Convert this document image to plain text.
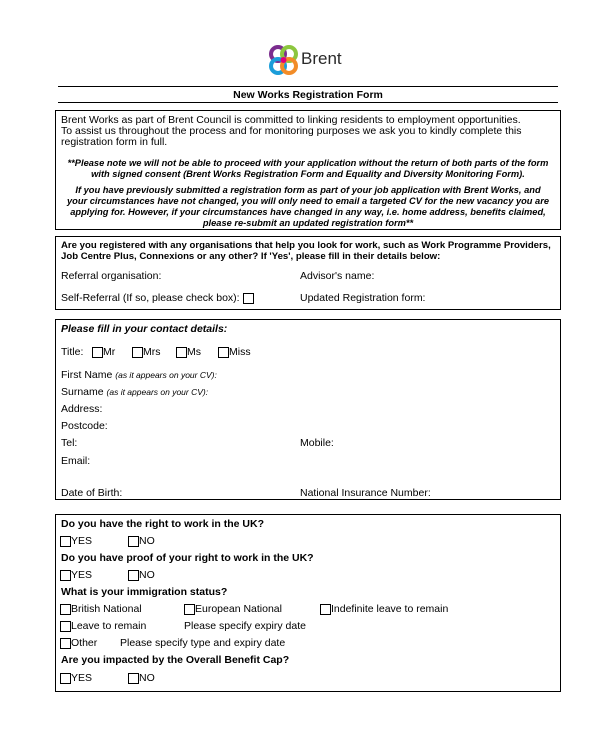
Brent
New Works Registration Form
Brent Works as part of Brent Council is committed to linking residents to employment opportunities.
To assist us throughout the process and for monitoring purposes we ask you to kindly complete this
registration form in full.
**Please note we will not be able to proceed with your application without the return of both parts of the form
with signed consent (Brent Works Registration Form and Equality and Diversity Monitoring Form).
If you have previously submitted a registration form as part of your job application with Brent Works, and
your circumstances have not changed, you will only need to email a targeted CV for the new vacancy you are
applying for. However, if your circumstances have changed in any way, i.e. home address, benefits claimed,
please re-submit an updated registration form**
Are you registered with any organisations that help you look for work, such as Work Programme Providers,
Job Centre Plus, Connexions or any other? If 'Yes', please fill in their details below:
Referral organisation:	Advisor's name:
Self-Referral (If so, please check box):	Updated Registration form:
Please fill in your contact details:
Title:	Mr	Mrs	Ms	Miss
First Name (as it appears on your CV):
Surname (as it appears on your CV):
Address:
Postcode:
Tel:	Mobile:
Email:
Date of Birth:	National Insurance Number:
Do you have the right to work in the UK?
YES	NO
Do you have proof of your right to work in the UK?
YES	NO
What is your immigration status?
British National	European National	Indefinite leave to remain
Leave to remain	Please specify expiry date
Other Please specify type and expiry date
Are you impacted by the Overall Benefit Cap?
YES	NO
